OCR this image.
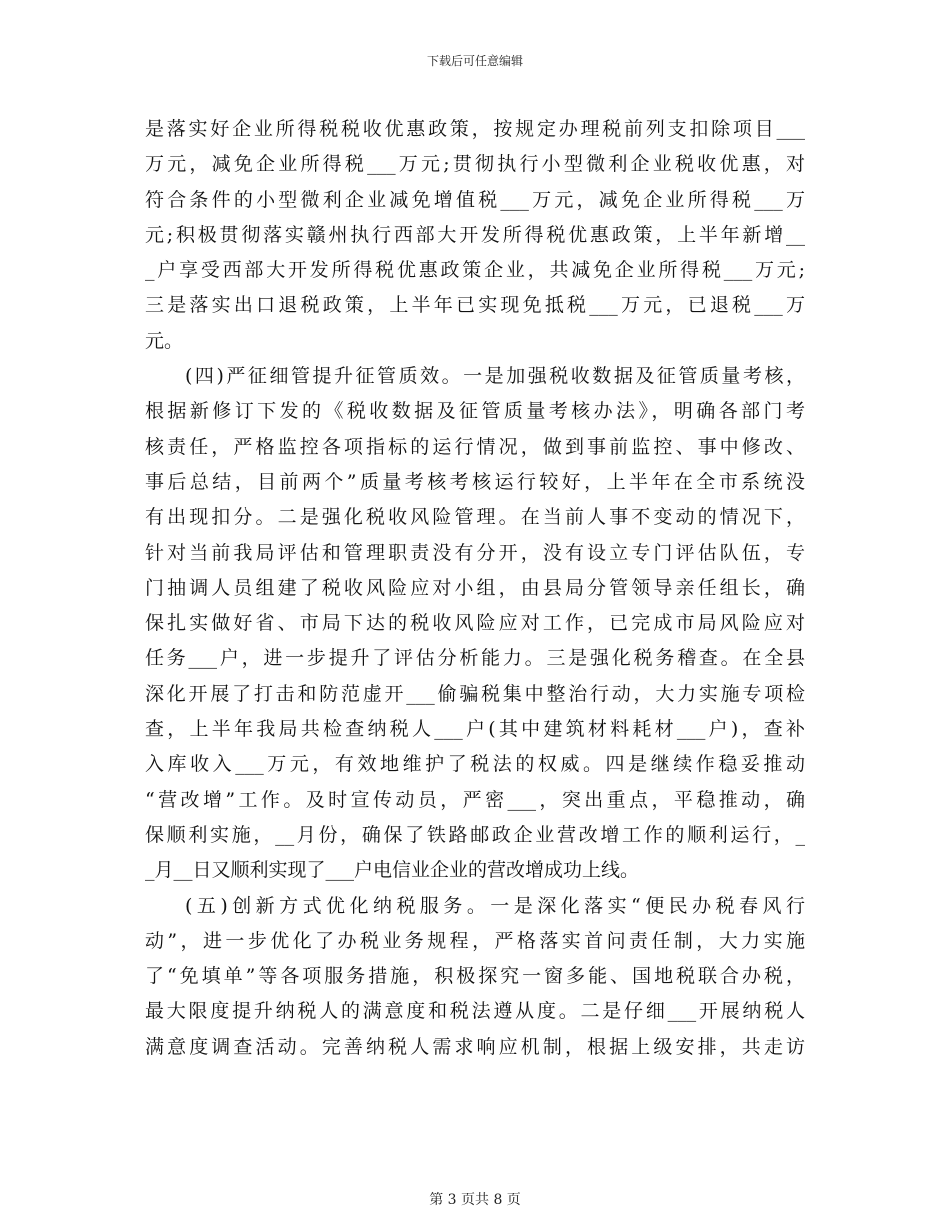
下载后可任意编辑
是落实好企业所得税税收优惠政策，按规定办理税前列支扣除项目___
万元，减免企业所得税___万元;贯彻执行小型微利企业税收优惠，对
符合条件的小型微利企业减免增值税___万元，减免企业所得税___万
元;积极贯彻落实赣州执行西部大开发所得税优惠政策，上半年新增__
_户享受西部大开发所得税优惠政策企业，共减免企业所得税___万元;
三是落实出口退税政策，上半年已实现免抵税___万元，已退税___万
元。
(四)严征细管提升征管质效。一是加强税收数据及征管质量考核，
根据新修订下发的《税收数据及征管质量考核办法》，明确各部门考
核责任，严格监控各项指标的运行情况，做到事前监控、事中修改、
事后总结，目前两个”质量考核考核运行较好，上半年在全市系统没
有出现扣分。二是强化税收风险管理。在当前人事不变动的情况下，
针对当前我局评估和管理职责没有分开，没有设立专门评估队伍，专
门抽调人员组建了税收风险应对小组，由县局分管领导亲任组长，确
保扎实做好省、市局下达的税收风险应对工作，已完成市局风险应对
任务___户，进一步提升了评估分析能力。三是强化税务稽查。在全县
深化开展了打击和防范虚开___偷骗税集中整治行动，大力实施专项检
查，上半年我局共检查纳税人___户(其中建筑材料耗材___户)，查补
入库收入___万元，有效地维护了税法的权威。四是继续作稳妥推动
“营改增”工作。及时宣传动员，严密___，突出重点，平稳推动，确
保顺利实施，__月份，确保了铁路邮政企业营改增工作的顺利运行，_
_月__日又顺利实现了___户电信业企业的营改增成功上线。
(五)创新方式优化纳税服务。一是深化落实“便民办税春风行
动”，进一步优化了办税业务规程，严格落实首问责任制，大力实施
了“免填单”等各项服务措施，积极探究一窗多能、国地税联合办税，
最大限度提升纳税人的满意度和税法遵从度。二是仔细___开展纳税人
满意度调查活动。完善纳税人需求响应机制，根据上级安排，共走访
第 3 页共 8 页
